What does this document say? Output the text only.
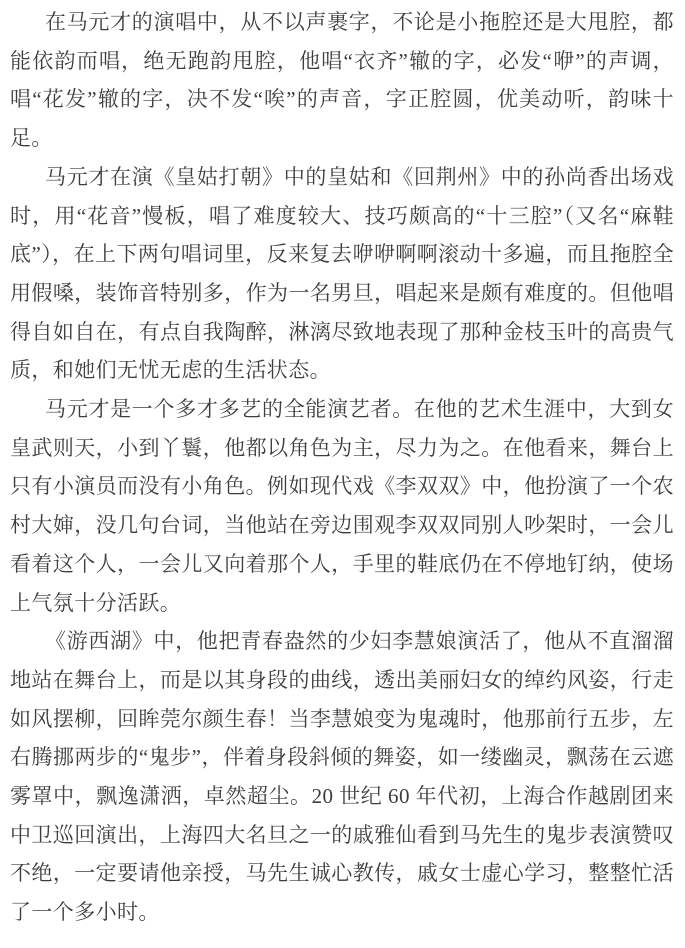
在马元才的演唱中，从不以声裹字，不论是小拖腔还是大甩腔，都能依韵而唱，绝无跑韵甩腔，他唱“衣齐”辙的字，必发“咿”的声调，唱“花发”辙的字，决不发“唉”的声音，字正腔圆，优美动听，韵味十足。

马元才在演《皇姑打朝》中的皇姑和《回荆州》中的孙尚香出场戏时，用“花音”慢板，唱了难度较大、技巧颇高的“十三腔”（又名“麻鞋底”），在上下两句唱词里，反来复去咿咿啊啊滚动十多遍，而且拖腔全用假嗓，装饰音特别多，作为一名男旦，唱起来是颇有难度的。但他唱得自如自在，有点自我陶醉，淋漓尽致地表现了那种金枝玉叶的高贵气质，和她们无忧无虑的生活状态。

马元才是一个多才多艺的全能演艺者。在他的艺术生涯中，大到女皇武则天，小到丫鬟，他都以角色为主，尽力为之。在他看来，舞台上只有小演员而没有小角色。例如现代戏《李双双》中，他扮演了一个农村大婶，没几句台词，当他站在旁边围观李双双同别人吵架时，一会儿看着这个人，一会儿又向着那个人，手里的鞋底仍在不停地钉纳，使场上气氛十分活跃。

《游西湖》中，他把青春盎然的少妇李慧娘演活了，他从不直溜溜地站在舞台上，而是以其身段的曲线，透出美丽妇女的绰约风姿，行走如风摆柳，回眸莞尔颜生春！当李慧娘变为鬼魂时，他那前行五步，左右腾挪两步的“鬼步”，伴着身段斜倾的舞姿，如一缕幽灵，飘荡在云遮雾罩中，飘逸潇洒，卓然超尘。20 世纪 60 年代初，上海合作越剧团来中卫巡回演出，上海四大名旦之一的戚雅仙看到马先生的鬼步表演赞叹不绝，一定要请他亲授，马先生诚心教传，戚女士虚心学习，整整忙活了一个多小时。
